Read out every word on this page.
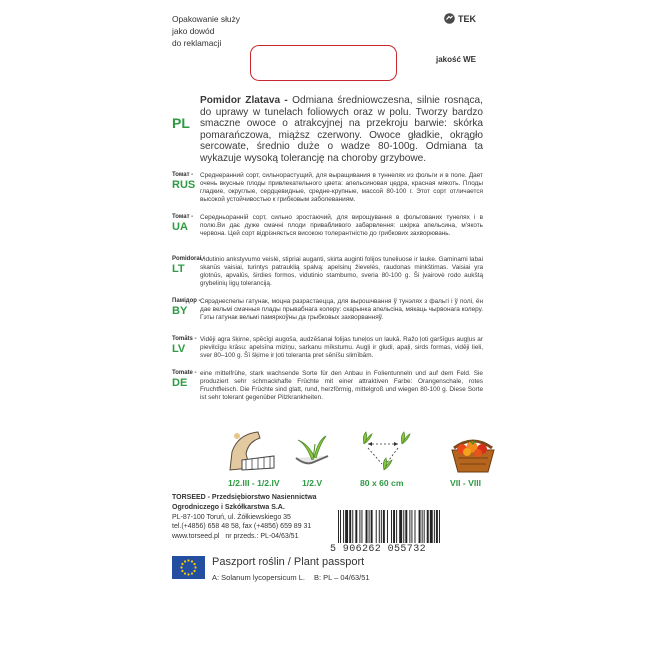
Opakowanie służy
jako dowód
do reklamacji
TEK
jakość WE
PL
Pomidor Zlatava - Odmiana średniowczesna, silnie rosnąca, do uprawy w tunelach foliowych oraz w polu. Tworzy bardzo smaczne owoce o atrakcyjnej na przekroju barwie: skórka pomarańczowa, miąższ czerwony. Owoce gładkie, okrągło sercowate, średnio duże o wadze 80-100g. Odmiana ta wykazuje wysoką tolerancję na choroby grzybowe.
Томат -
RUS
Среднеранний сорт, сильнорастущий, для выращивания в туннелях из фольги и в поле. Дает очень вкусные плоды привлекательного цвета: апельсиновая цедра, красная мякоть. Плоды гладкие, округлые, сердцевидные, средне-крупные, массой 80-100 г. Этот сорт отличается высокой устойчивостью к грибковым заболеваниям.
Томат -
UA
Середньоранній сорт, сильно зростаючий, для вирощування в фольгованих тунелях і в полю.Ви дає дуже смачні плоди привабливого забарвлення: шкірка апельсина, м'якоть червона. Цей сорт відрізняється високою толерантністю до грибкових захворювань.
Pomidorai -
LT
Vidutinio ankstyvumo veislė, stipriai auganti, skirta auginti folijos tuneliuose ir lauke. Gaminami labai skanūs vaisiai, turintys patrauklią spalvą: apelsinų žievelės, raudonas minkštimas. Vaisiai yra glotnūs, apvalūs, širdies formos, vidutinio stambumo, sveria 80-100 g. Ši įvairovė rodo aukštą grybelinių ligų toleranciją.
Памідор -
BY
Сярэднеспелы гатунак, моцна разрастаецца, для вырошчвання ў тунэлях з фальгі і ў полі, ён дае вельмі смачныя плады прывабнага колеру: скарынка апельсіна, мякаць чырвонага колеру. Гэты гатунак вельмі памяркоўны да грыбковых захворванняў.
Tomāts -
LV
Vidēji agra šķirne, spēcīgi augoša, audzēšanai folijas tuneļos un laukā. Ražo ļoti garšīgus augļus ar pievilcīgu krāsu: apelsīna miziņu, sarkanu mīkstumu. Augļi ir gludi, apaļi, sirds formas, vidēji lieli, sver 80–100 g. Šī šķirne ir ļoti toleranta pret sēnīšu slimībām.
Tomate -
DE
eine mittelfrühe, stark wachsende Sorte für den Anbau in Folientunneln und auf dem Feld. Sie produziert sehr schmackhafte Früchte mit einer attraktiven Farbe: Orangenschale, rotes Fruchtfleisch. Die Früchte sind glatt, rund, herzförmig, mittelgroß und wiegen 80-100 g. Diese Sorte ist sehr tolerant gegenüber Pilzkrankheiten.
1/2.III - 1/2.IV	1/2.V	80 x 60 cm	VII - VIII
TORSEED - Przedsiębiorstwo Nasiennictwa
Ogrodniczego i Szkółkarstwa S.A.
PL-87-100 Toruń, ul. Żółkiewskiego 35
tel.(+4856) 658 48 58, fax (+4856) 659 89 31
www.torseed.pl nr przeds.: PL-04/63/51
5 906262 055732
Paszport roślin / Plant passport
A: Solanum lycopersicum L. B: PL – 04/63/51
